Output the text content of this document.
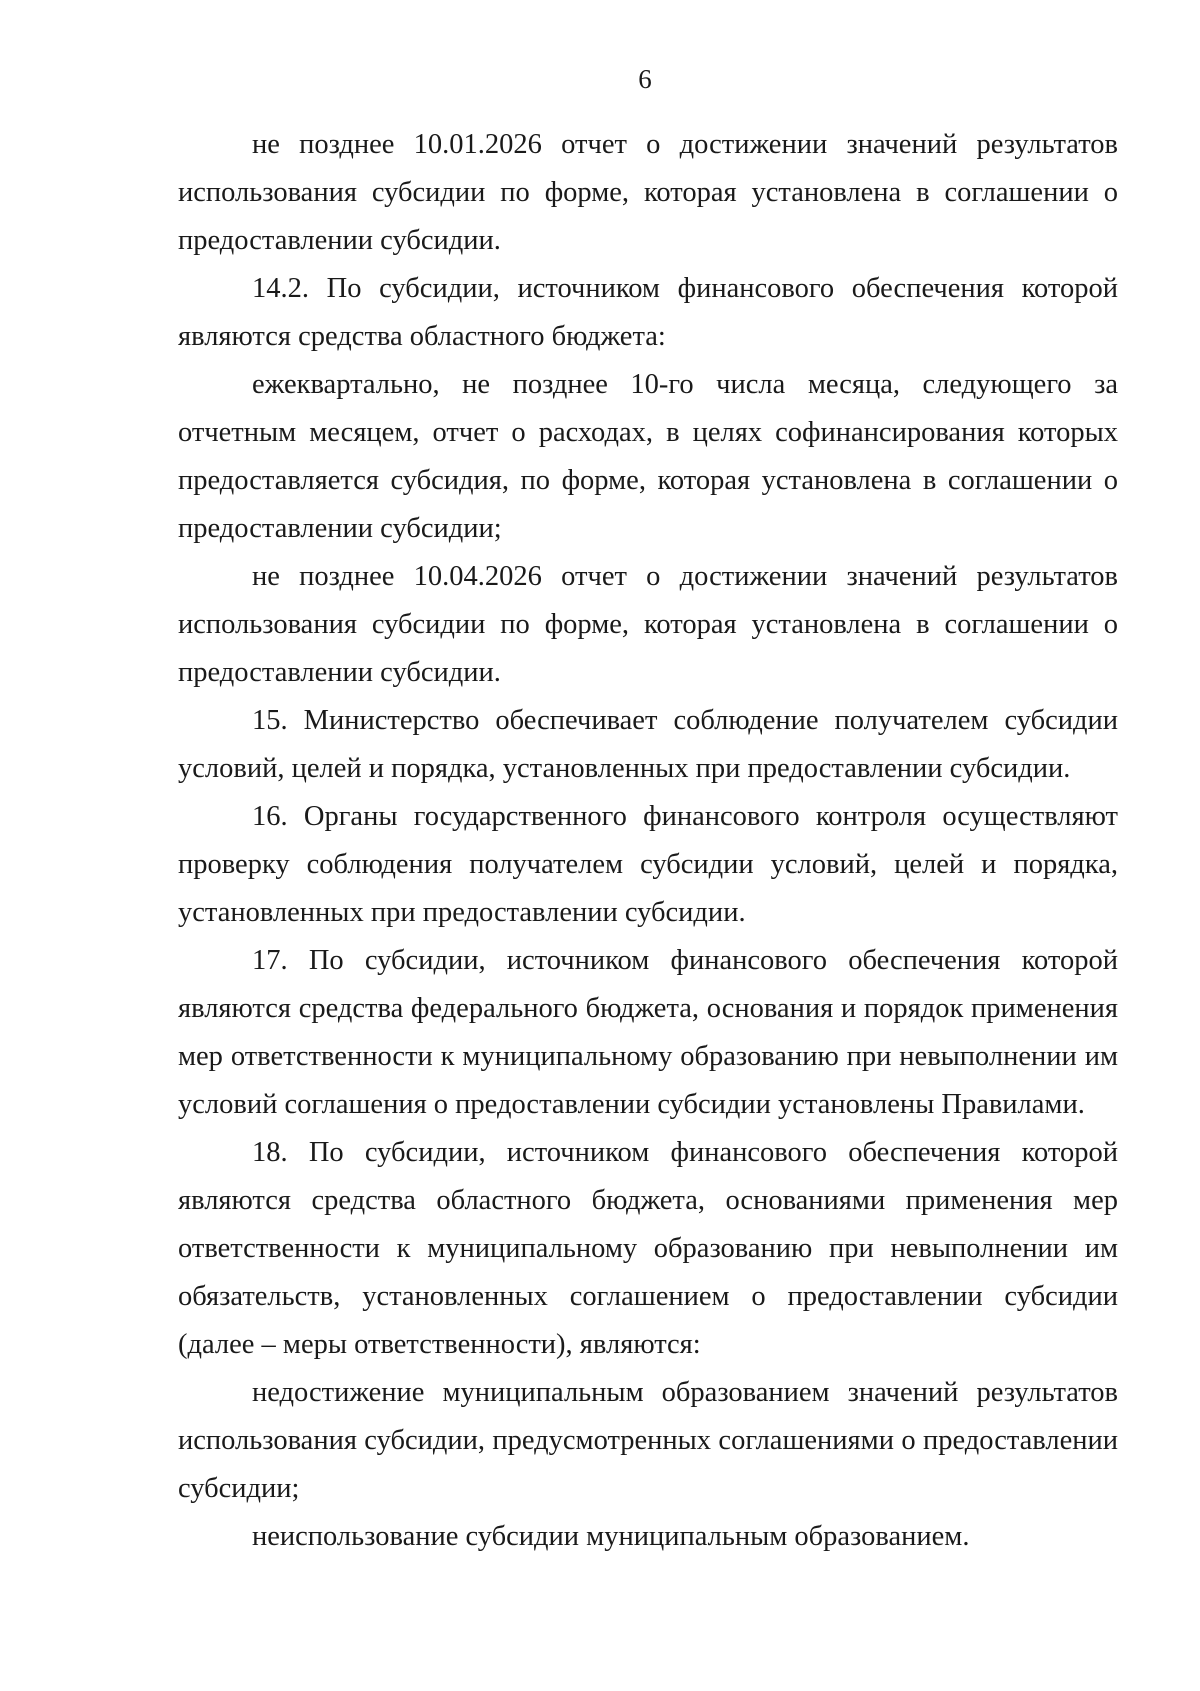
6

не позднее 10.01.2026 отчет о достижении значений результатов использования субсидии по форме, которая установлена в соглашении о предоставлении субсидии.

14.2. По субсидии, источником финансового обеспечения которой являются средства областного бюджета:

ежеквартально, не позднее 10-го числа месяца, следующего за отчетным месяцем, отчет о расходах, в целях софинансирования которых предоставляется субсидия, по форме, которая установлена в соглашении о предоставлении субсидии;

не позднее 10.04.2026 отчет о достижении значений результатов использования субсидии по форме, которая установлена в соглашении о предоставлении субсидии.

15. Министерство обеспечивает соблюдение получателем субсидии условий, целей и порядка, установленных при предоставлении субсидии.

16. Органы государственного финансового контроля осуществляют проверку соблюдения получателем субсидии условий, целей и порядка, установленных при предоставлении субсидии.

17. По субсидии, источником финансового обеспечения которой являются средства федерального бюджета, основания и порядок применения мер ответственности к муниципальному образованию при невыполнении им условий соглашения о предоставлении субсидии установлены Правилами.

18. По субсидии, источником финансового обеспечения которой являются средства областного бюджета, основаниями применения мер ответственности к муниципальному образованию при невыполнении им обязательств, установленных соглашением о предоставлении субсидии (далее – меры ответственности), являются:

недостижение муниципальным образованием значений результатов использования субсидии, предусмотренных соглашениями о предоставлении субсидии;

неиспользование субсидии муниципальным образованием.
